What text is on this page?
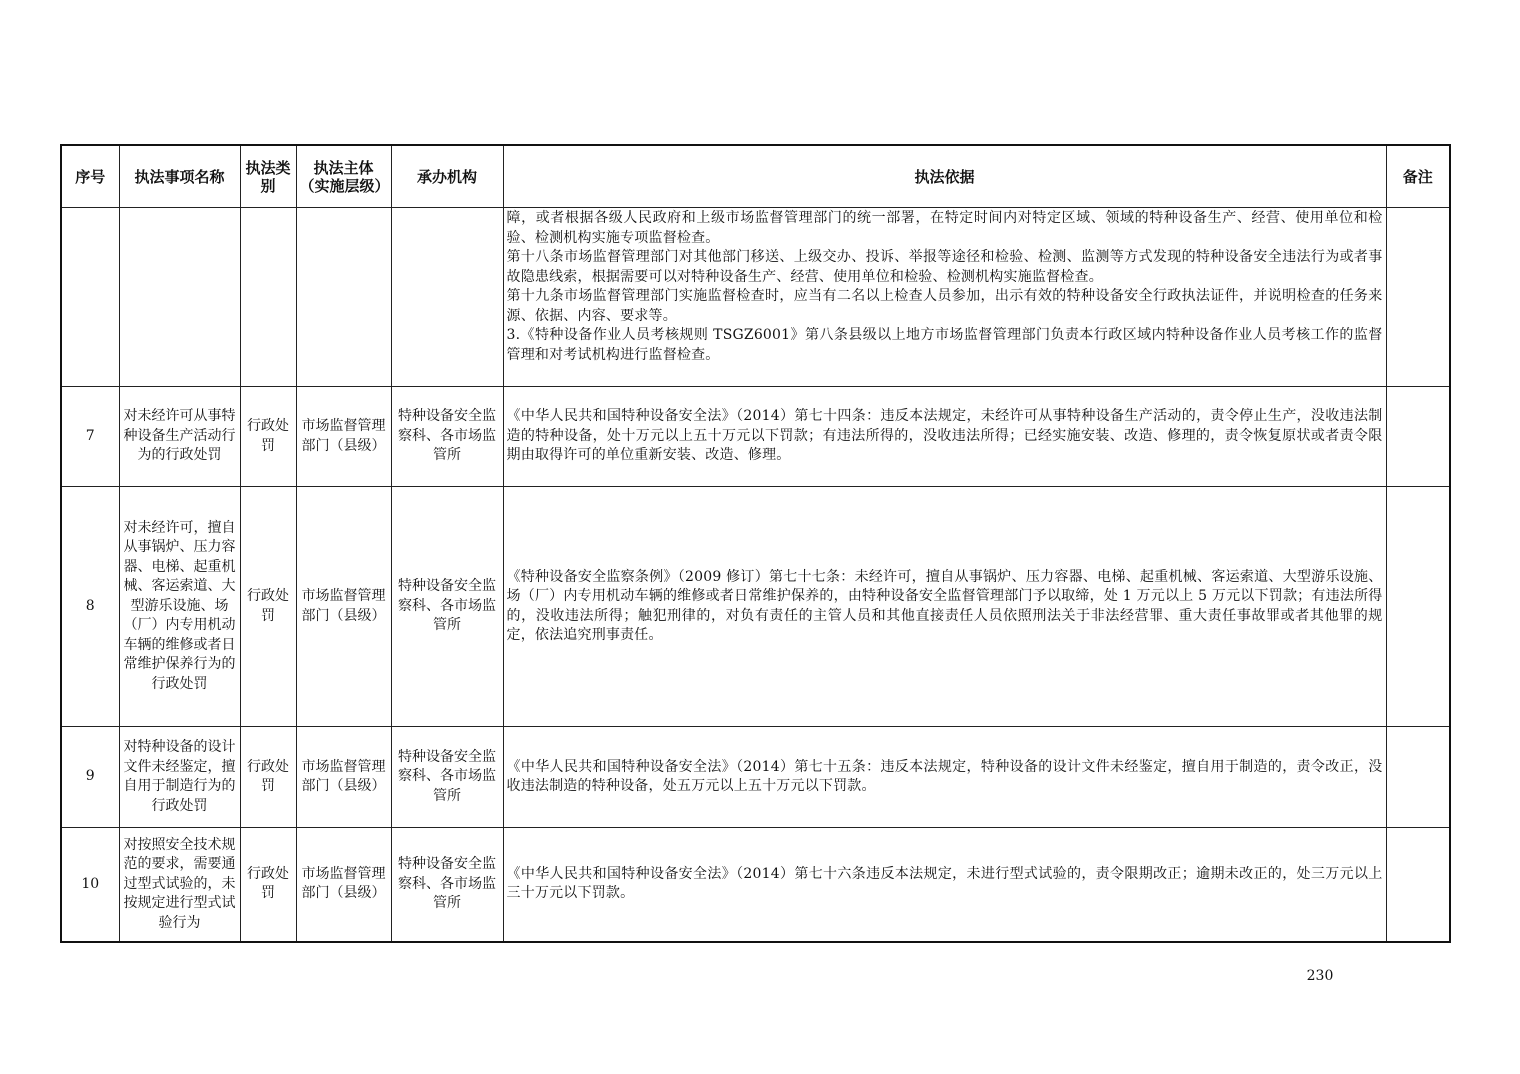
序号	执法事项名称	执法类别	执法主体（实施层级）	承办机构	执法依据	备注

					障，或者根据各级人民政府和上级市场监督管理部门的统一部署，在特定时间内对特定区域、领域的特种设备生产、经营、使用单位和检验、检测机构实施专项监督检查。
第十八条市场监督管理部门对其他部门移送、上级交办、投诉、举报等途径和检验、检测、监测等方式发现的特种设备安全违法行为或者事故隐患线索，根据需要可以对特种设备生产、经营、使用单位和检验、检测机构实施监督检查。
第十九条市场监督管理部门实施监督检查时，应当有二名以上检查人员参加，出示有效的特种设备安全行政执法证件，并说明检查的任务来源、依据、内容、要求等。
3.《特种设备作业人员考核规则 TSGZ6001》第八条县级以上地方市场监督管理部门负责本行政区域内特种设备作业人员考核工作的监督管理和对考试机构进行监督检查。	

7	对未经许可从事特种设备生产活动行为的行政处罚	行政处罚	市场监督管理部门（县级）	特种设备安全监察科、各市场监管所	《中华人民共和国特种设备安全法》（2014）第七十四条：违反本法规定，未经许可从事特种设备生产活动的，责令停止生产，没收违法制造的特种设备，处十万元以上五十万元以下罚款；有违法所得的，没收违法所得；已经实施安装、改造、修理的，责令恢复原状或者责令限期由取得许可的单位重新安装、改造、修理。	
8	对未经许可，擅自从事锅炉、压力容器、电梯、起重机械、客运索道、大型游乐设施、场（厂）内专用机动车辆的维修或者日常维护保养行为的行政处罚	行政处罚	市场监督管理部门（县级）	特种设备安全监察科、各市场监管所	《特种设备安全监察条例》（2009 修订）第七十七条：未经许可，擅自从事锅炉、压力容器、电梯、起重机械、客运索道、大型游乐设施、场（厂）内专用机动车辆的维修或者日常维护保养的，由特种设备安全监督管理部门予以取缔，处 1 万元以上 5 万元以下罚款；有违法所得的，没收违法所得；触犯刑律的，对负有责任的主管人员和其他直接责任人员依照刑法关于非法经营罪、重大责任事故罪或者其他罪的规定，依法追究刑事责任。	
9	对特种设备的设计文件未经鉴定，擅自用于制造行为的行政处罚	行政处罚	市场监督管理部门（县级）	特种设备安全监察科、各市场监管所	《中华人民共和国特种设备安全法》（2014）第七十五条：违反本法规定，特种设备的设计文件未经鉴定，擅自用于制造的，责令改正，没收违法制造的特种设备，处五万元以上五十万元以下罚款。	
10	对按照安全技术规范的要求，需要通过型式试验的，未按规定进行型式试验行为	行政处罚	市场监督管理部门（县级）	特种设备安全监察科、各市场监管所	《中华人民共和国特种设备安全法》（2014）第七十六条违反本法规定，未进行型式试验的，责令限期改正；逾期未改正的，处三万元以上三十万元以下罚款。	
230
